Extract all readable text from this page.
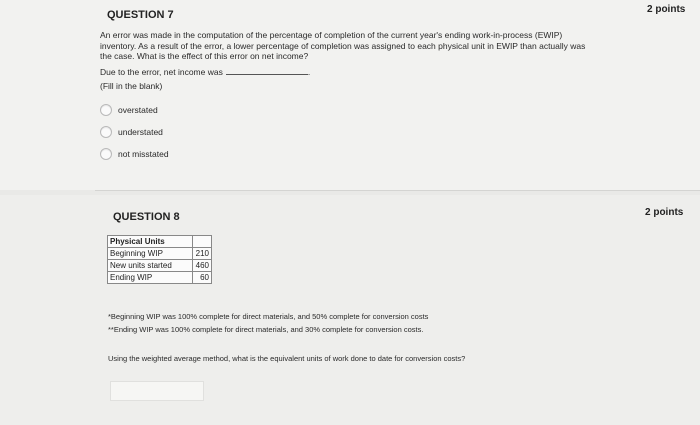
QUESTION 7	2 points

An error was made in the computation of the percentage of completion of the current year's ending work-in-process (EWIP) inventory. As a result of the error, a lower percentage of completion was assigned to each physical unit in EWIP than actually was the case. What is the effect of this error on net income?

Due to the error, net income was	.

(Fill in the blank)

overstated
understated
not misstated
QUESTION 8	2 points
Physical Units	
Beginning WIP	210
New units started	460
Ending WIP	60

*Beginning WIP was 100% complete for direct materials, and 50% complete for conversion costs

**Ending WIP was 100% complete for direct materials, and 30% complete for conversion costs.

Using the weighted average method, what is the equivalent units of work done to date for conversion costs?
